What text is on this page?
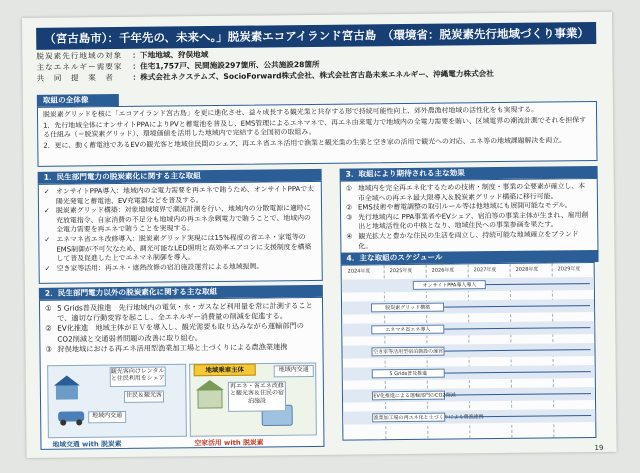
（宮古島市）：千年先の、未来へ。」脱炭素エコアイランド宮古島　（環境省：脱炭素先行地域づくり事業）
脱炭素先行地域の対象	：下地地域、狩俣地域
主なエネルギー需要家	：住宅1,757戸、民間施設297箇所、公共施設28箇所
共　同　提　案　者	：株式会社ネクステムズ、SocioForward株式会社、株式会社宮古島未来エネルギー、沖縄電力株式会社
取組の全体像
脱炭素グリッドを核に「エコアイランド宮古島」を更に進化させ、益々成長する観光業と共存する形で持続可能性向上、郊外農漁村地域の活性化をも実現する。
1．先行地域全体にオンサイトPPAによりPVと蓄電池を普及し、EMS管理によるエネマネで、再エネ由来電力で地域内の全電力需要を賄い、区域電界の潮流計測でそれを担保する仕組み（＝脱炭素グリッド）、環境価値を活用した地域内で完結する全国初の取組み。
2．更に、動く蓄電池であるEVの観光客と地域住民間のシェア、再エネ省エネ活用で漁業と観光業の生業と空き家の活用で観光への対応、エネ等の地域課題解決を両立。
1．民生部門電力の脱炭素化に関する主な取組
✓ オンサイトPPA導入：地域内の全電力需要を再エネで賄うため、オンサイトPPAで太陽光発電と蓄電池、EV充電器などを普及する。
✓ 脱炭素グリッド構築：対象地域境界で潮流計測を行い、地域内の分散電源に適時に充放電指令、自家消費の不足分も地域内の再エネ余剰電力で賄うことで、地域内の全電力需要を再エネで賄うことを実現する。
✓ エネマネ省エネ改修導入：脱炭素グリッド実現には15%程度の省エネ・家電等のEMS制御が不可欠なため、調光可能なLED照明と高効率エアコンに支援制度を構築して普及促進した上でエネマネ制御を導入。
✓ 空き家等活用：再エネ・遮熱改修の宿泊施設運営による地域振興。
2．民生部門電力以外の脱炭素化に関する主な取組
① 5 Grids普及推進　先行地域内の電気・水・ガスなど利用量を常に計測することで、適切な行動変容を起こし、全エネルギー消費量の削減を促進する。
② EV化推進　地域主体がＥＶを導入し、観光需要も取り込みながら運輸部門のCO2削減と交通弱者問題の改善に取り組む。
③ 狩俣地域における再エネ活用型漁業加工場と土づくりによる農漁業連携
観光客向けレンタルと住民利用をシェア
地域乗車主体
住民＆観光客
地域内交通
再エネ・省エネ改修と観光客＆住民の宿泊施設
地域内交通
地域交通 with 脱炭素	空家活用 with 脱炭素
3．取組により期待される主な効果
① 地域内を完全再エネ化するための技術・制度・事業の全要素が確立し、本市全域への再エネ最大限導入＆脱炭素グリッド構築に移行可能。
② EMS技術や蓄電調整の取引ルール等は他地域にも展開可能なモデル。
③ 先行地域内に PPA事業者やEVシェア、宿泊等の事業主体が生まれ、雇用創出と地域活性化の中核となり、地域住民への事業参画を果たす。
④ 観光拡大と豊かな住民の生活を両立し、持続可能な地域確立をブランド化。
4．主な取組のスケジュール
2024年度	2025年度	2026年度	2027年度	2028年度	2029年度
オンサイトPPA導入導入
脱炭素グリッド構築
エネマネ省エネ導入
空き家等活用型宿泊施設の運営
5 Grids普及推進
EV化推進による運輸部門のCO2削減
漁業加工場の再エネ化と土づくりによる農漁連携
19
